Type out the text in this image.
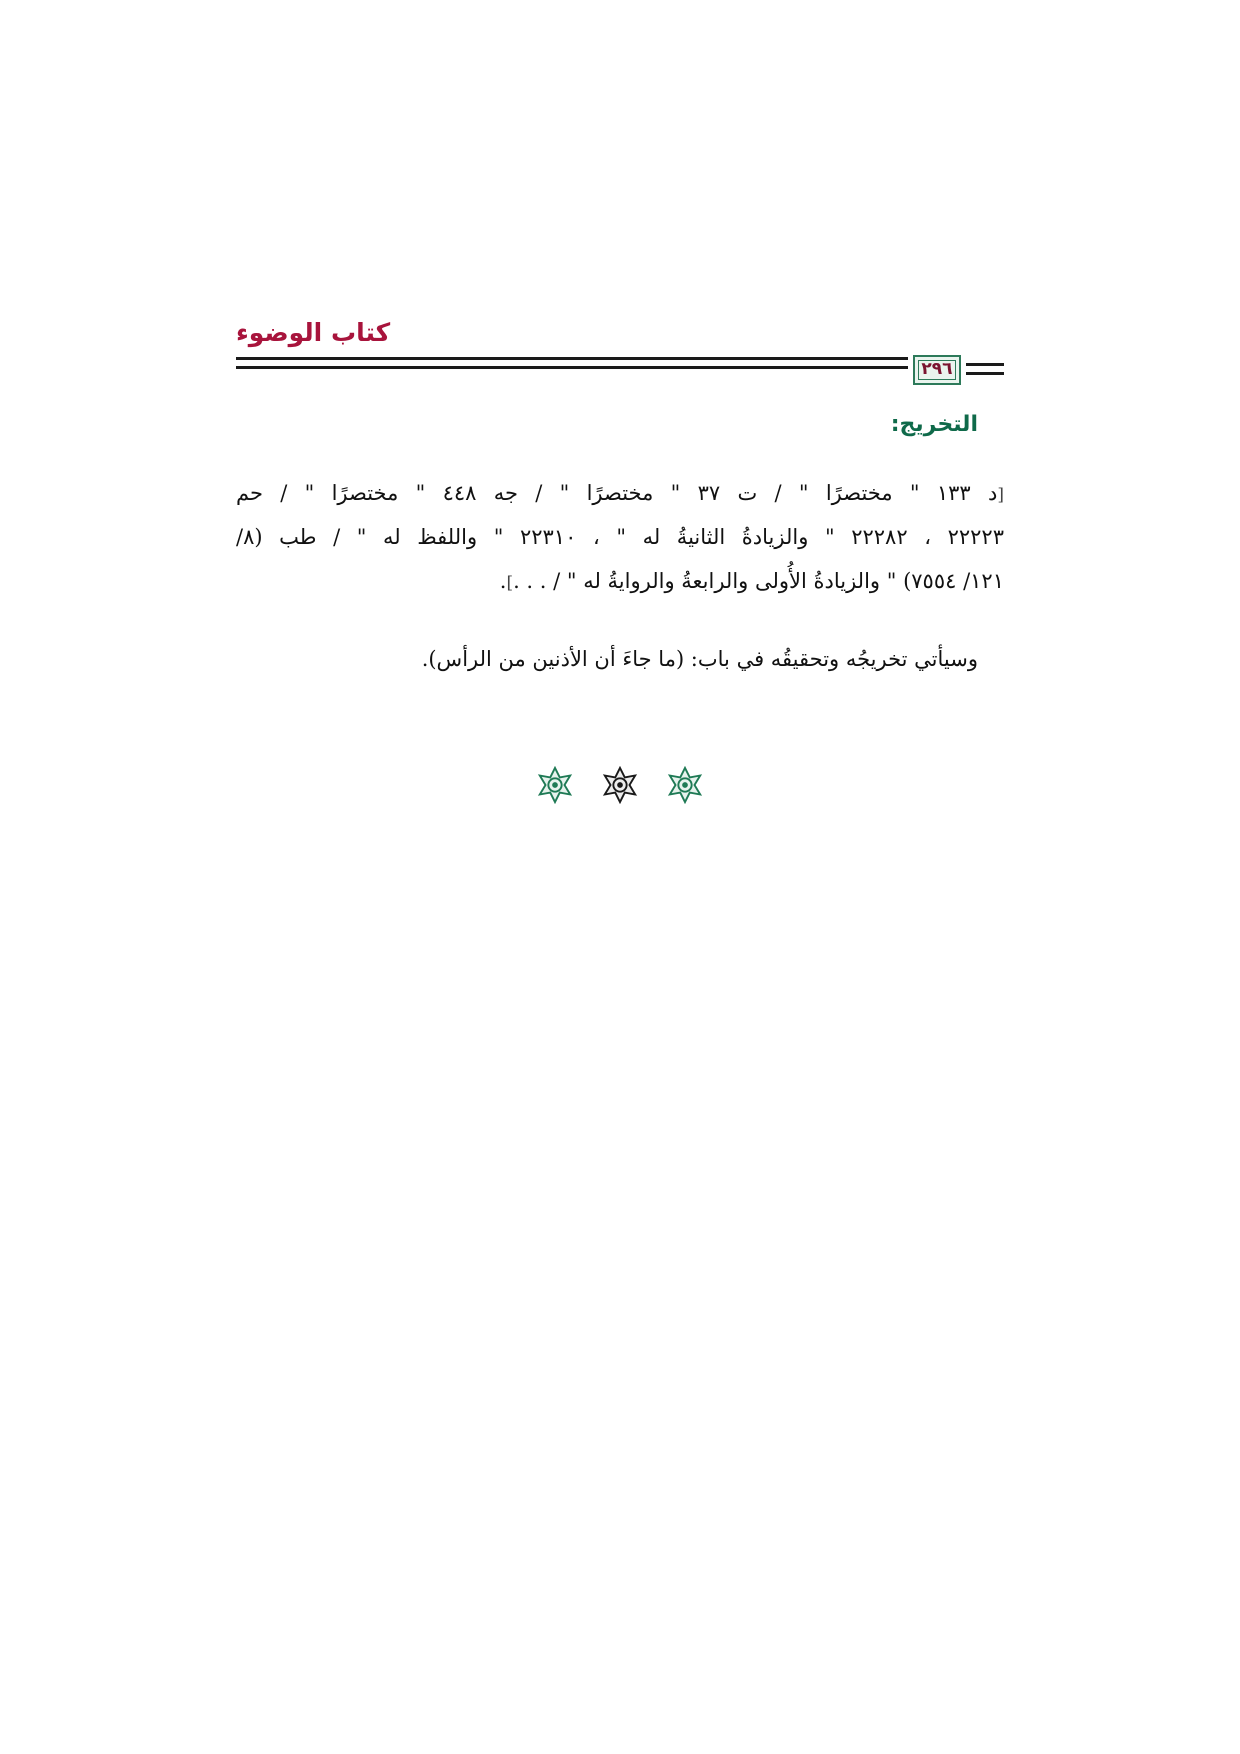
كتاب الوضوء
٢٩٦
التخريج:
[د ١٣٣ " مختصرًا " / ت ٣٧ " مختصرًا " / جه ٤٤٨ " مختصرًا " / حم
٢٢٢٢٣ ، ٢٢٢٨٢ " والزيادةُ الثانيةُ له " ، ٢٢٣١٠ " واللفظ له " / طب (٨/
١٢١/ ٧٥٥٤) " والزيادةُ الأُولى والرابعةُ والروايةُ له " / . . .].
وسيأتي تخريجُه وتحقيقُه في باب: (ما جاءَ أن الأذنين من الرأس).
